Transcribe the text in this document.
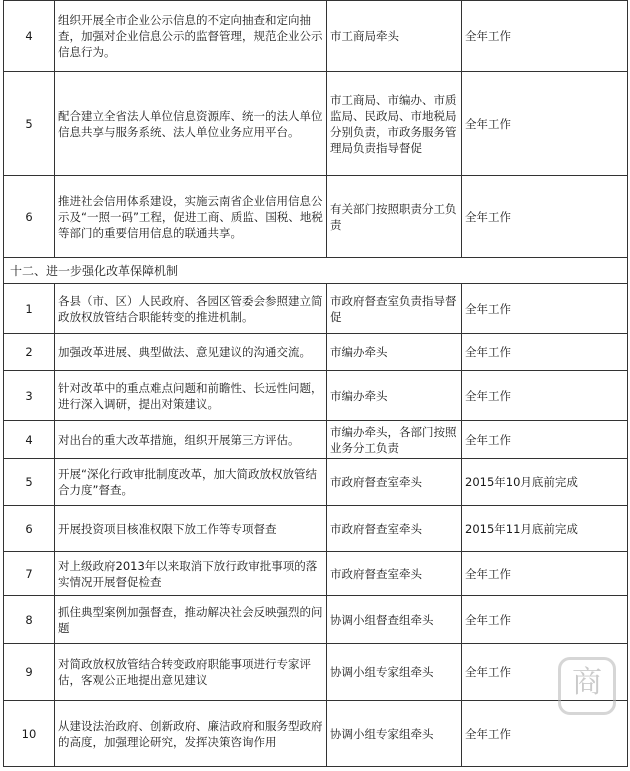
4	组织开展全市企业公示信息的不定向抽查和定向抽查，加强对企业信息公示的监督管理，规范企业公示信息行为。	市工商局牵头	全年工作
5	配合建立全省法人单位信息资源库、统一的法人单位信息共享与服务系统、法人单位业务应用平台。	市工商局、市编办、市质监局、民政局、市地税局分别负责，市政务服务管理局负责指导督促	全年工作
6	推进社会信用体系建设，实施云南省企业信用信息公示及“一照一码”工程，促进工商、质监、国税、地税等部门的重要信用信息的联通共享。	有关部门按照职责分工负责	全年工作
十二、进一步强化改革保障机制			
1	各县（市、区）人民政府、各园区管委会参照建立简政放权放管结合职能转变的推进机制。	市政府督查室负责指导督促	全年工作
2	加强改革进展、典型做法、意见建议的沟通交流。	市编办牵头	全年工作
3	针对改革中的重点难点问题和前瞻性、长远性问题，进行深入调研，提出对策建议。	市编办牵头	全年工作
4	对出台的重大改革措施，组织开展第三方评估。	市编办牵头，各部门按照业务分工负责	全年工作
5	开展“深化行政审批制度改革，加大简政放权放管结合力度”督查。	市政府督查室牵头	2015年10月底前完成
6	开展投资项目核准权限下放工作等专项督查	市政府督查室牵头	2015年11月底前完成
7	对上级政府2013年以来取消下放行政审批事项的落实情况开展督促检查	市政府督查室牵头	全年工作
8	抓住典型案例加强督查，推动解决社会反映强烈的问题	协调小组督查组牵头	全年工作
9	对简政放权放管结合转变政府职能事项进行专家评估，客观公正地提出意见建议	协调小组专家组牵头	全年工作
10	从建设法治政府、创新政府、廉洁政府和服务型政府的高度，加强理论研究，发挥决策咨询作用	协调小组专家组牵头	全年工作
商
